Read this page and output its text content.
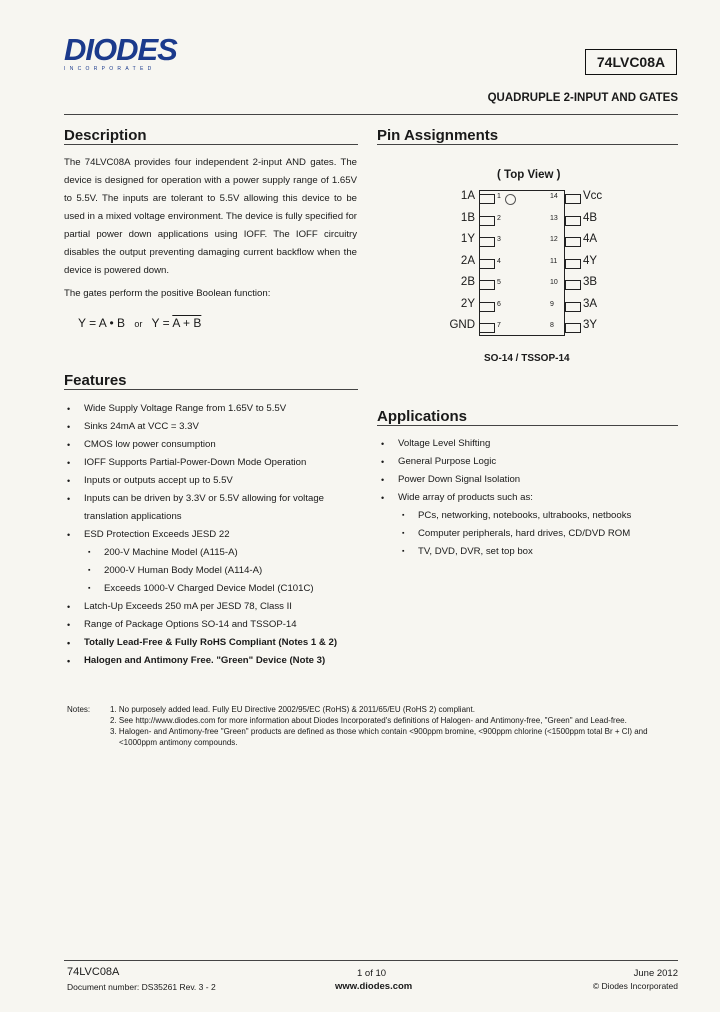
DIODES
INCORPORATED	74LVC08A
QUADRUPLE 2-INPUT AND GATES
Description
The 74LVC08A provides four independent 2-input AND gates. The device is designed for operation with a power supply range of 1.65V to 5.5V. The inputs are tolerant to 5.5V allowing this device to be used in a mixed voltage environment. The device is fully specified for partial power down applications using IOFF. The IOFF circuitry disables the output preventing damaging current backflow when the device is powered down.
The gates perform the positive Boolean function:
Y = A • B or Y = A + B
Features
• Wide Supply Voltage Range from 1.65V to 5.5V
• Sinks 24mA at VCC = 3.3V
• CMOS low power consumption
• IOFF Supports Partial-Power-Down Mode Operation
• Inputs or outputs accept up to 5.5V
• Inputs can be driven by 3.3V or 5.5V allowing for voltage translation applications
• ESD Protection Exceeds JESD 22
▪ 200-V Machine Model (A115-A)
▪ 2000-V Human Body Model (A114-A)
▪ Exceeds 1000-V Charged Device Model (C101C)
• Latch-Up Exceeds 250 mA per JESD 78, Class II
• Range of Package Options SO-14 and TSSOP-14
• Totally Lead-Free & Fully RoHS Compliant (Notes 1 & 2)
• Halogen and Antimony Free. "Green" Device (Note 3)
Pin Assignments
( Top View )
1A	1
1B	2
1Y	3
2A	4
2B	5
2Y	6
GND	7
14 Vcc
13 4B
12 4A
11 4Y
10 3B
9	3A
8	3Y
SO-14 / TSSOP-14
Applications
• Voltage Level Shifting
• General Purpose Logic
• Power Down Signal Isolation
• Wide array of products such as:
▪ PCs, networking, notebooks, ultrabooks, netbooks
▪ Computer peripherals, hard drives, CD/DVD ROM
▪ TV, DVD, DVR, set top box
Notes: 1. No purposely added lead. Fully EU Directive 2002/95/EC (RoHS) & 2011/65/EU (RoHS 2) compliant.
2. See http://www.diodes.com for more information about Diodes Incorporated's definitions of Halogen- and Antimony-free, "Green" and Lead-free.
3. Halogen- and Antimony-free "Green" products are defined as those which contain <900ppm bromine, <900ppm chlorine (<1500ppm total Br + Cl) and
<1000ppm antimony compounds.
74LVC08A
Document number: DS35261 Rev. 3 - 2
1 of 10
www.diodes.com
June 2012
© Diodes Incorporated
